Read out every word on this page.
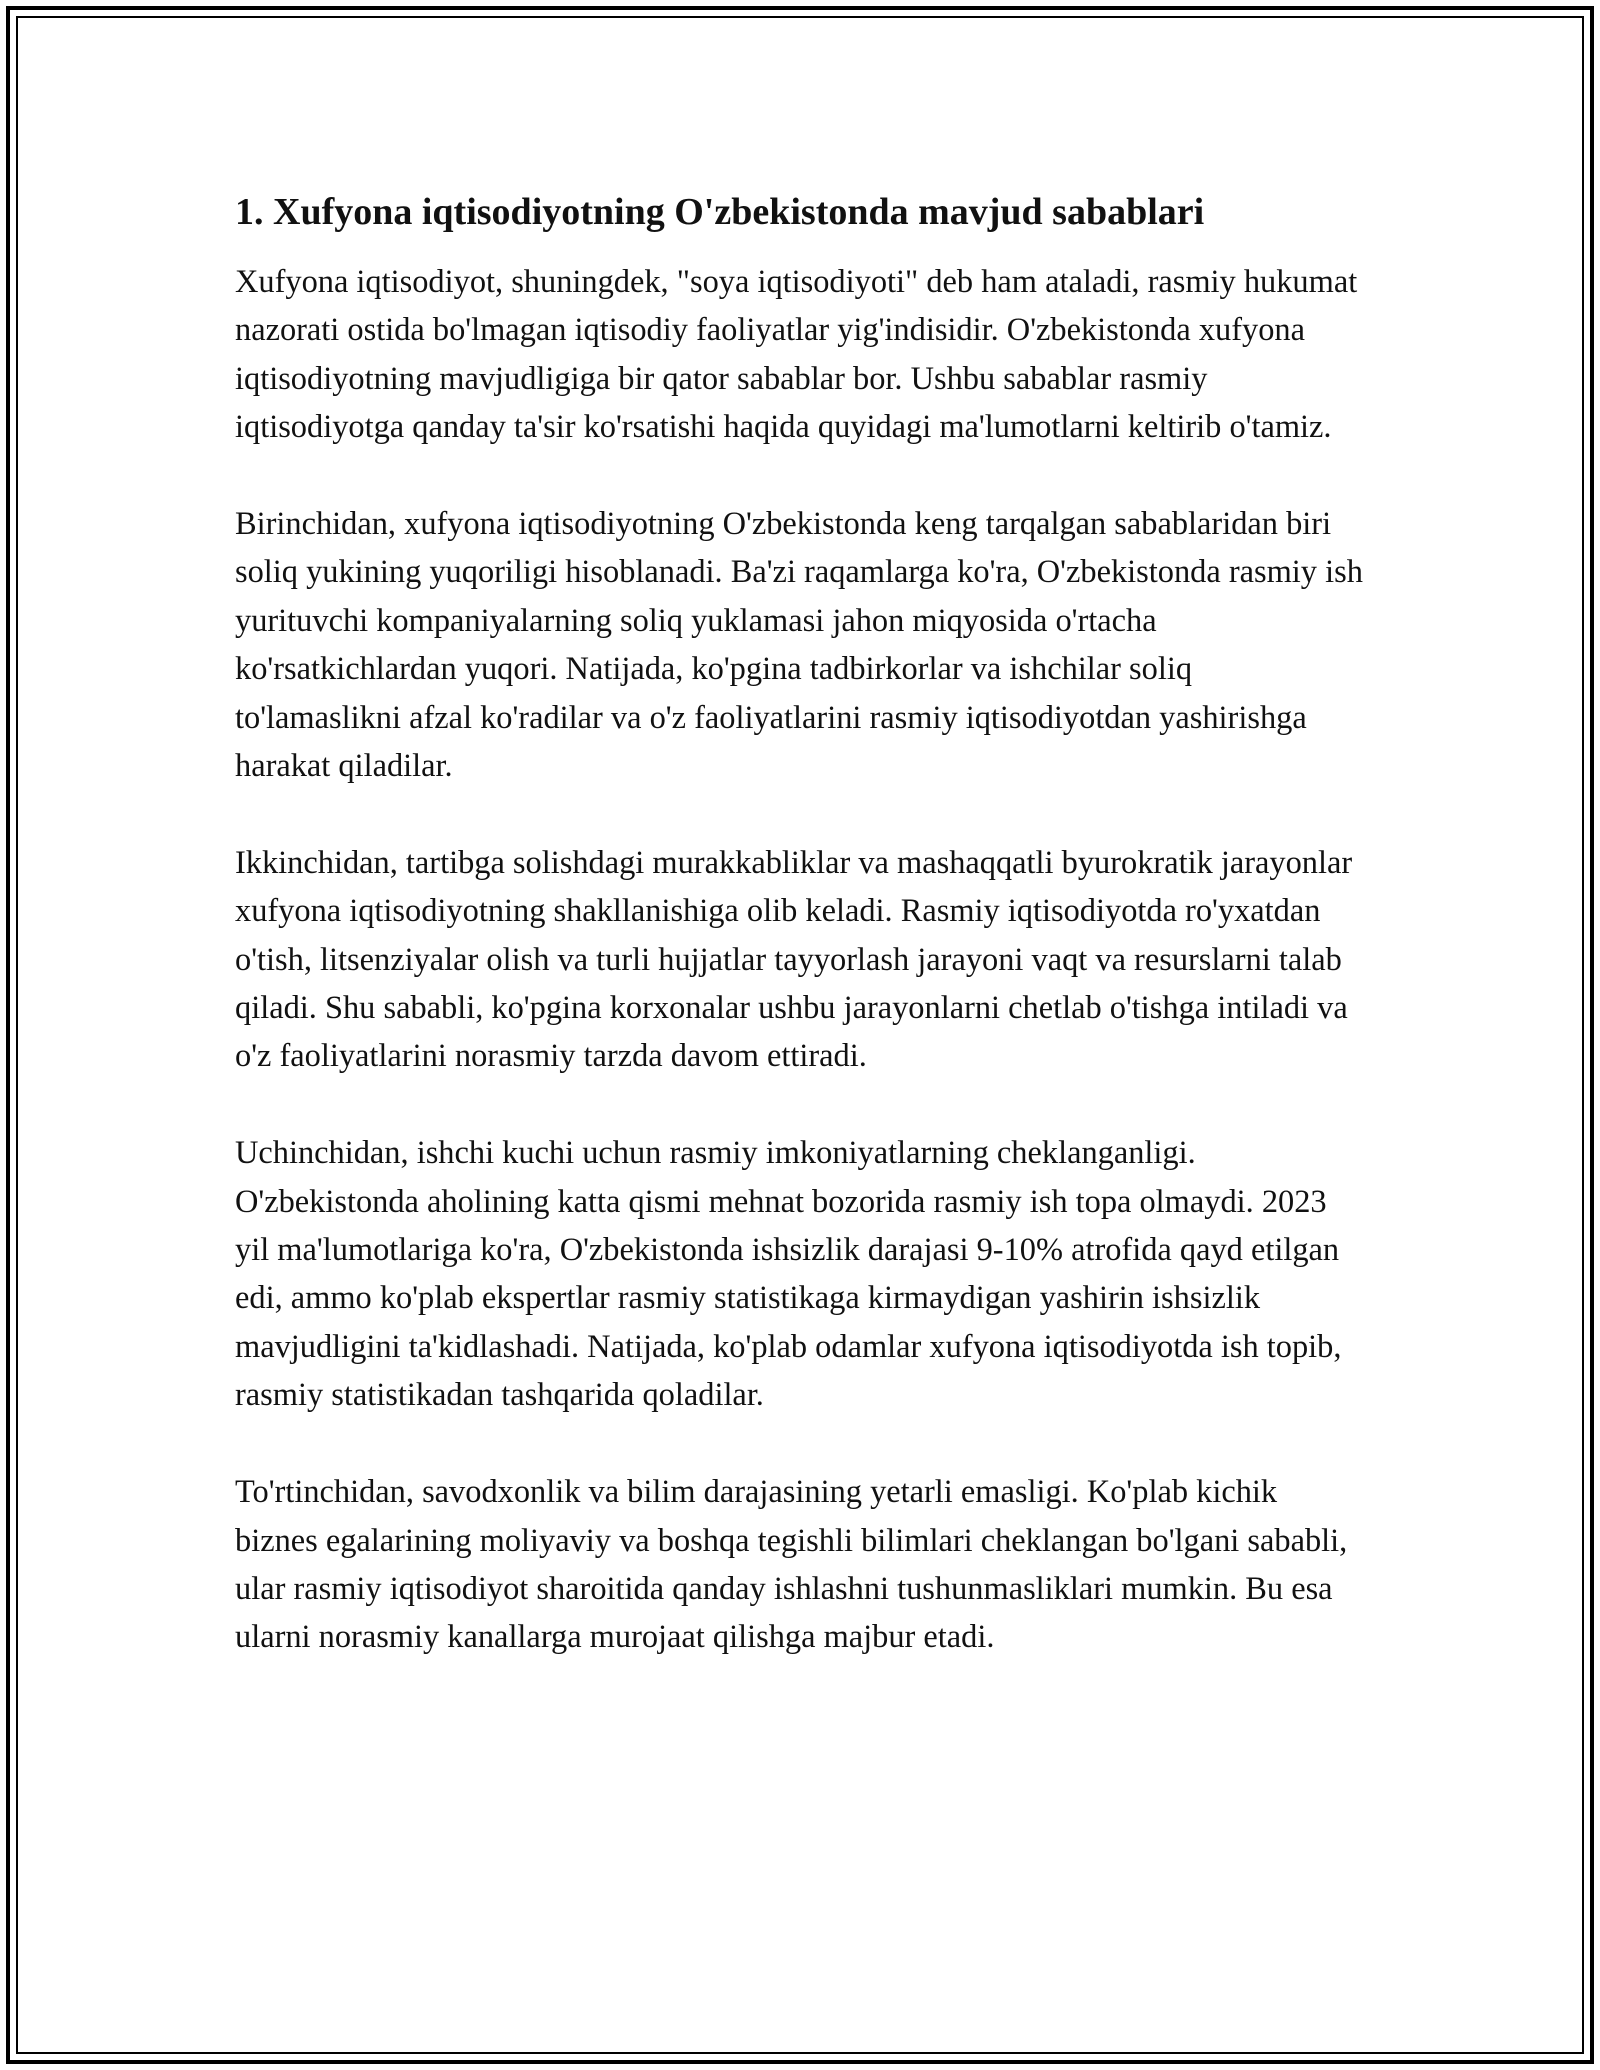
1. Xufyona iqtisodiyotning O'zbekistonda mavjud sabablari

Xufyona iqtisodiyot, shuningdek, "soya iqtisodiyoti" deb ham ataladi, rasmiy hukumat nazorati ostida bo'lmagan iqtisodiy faoliyatlar yig'indisidir. O'zbekistonda xufyona iqtisodiyotning mavjudligiga bir qator sabablar bor. Ushbu sabablar rasmiy iqtisodiyotga qanday ta'sir ko'rsatishi haqida quyidagi ma'lumotlarni keltirib o'tamiz.

Birinchidan, xufyona iqtisodiyotning O'zbekistonda keng tarqalgan sabablaridan biri soliq yukining yuqoriligi hisoblanadi. Ba'zi raqamlarga ko'ra, O'zbekistonda rasmiy ish yurituvchi kompaniyalarning soliq yuklamasi jahon miqyosida o'rtacha ko'rsatkichlardan yuqori. Natijada, ko'pgina tadbirkorlar va ishchilar soliq to'lamaslikni afzal ko'radilar va o'z faoliyatlarini rasmiy iqtisodiyotdan yashirishga harakat qiladilar.

Ikkinchidan, tartibga solishdagi murakkabliklar va mashaqqatli byurokratik jarayonlar xufyona iqtisodiyotning shakllanishiga olib keladi. Rasmiy iqtisodiyotda ro'yxatdan o'tish, litsenziyalar olish va turli hujjatlar tayyorlash jarayoni vaqt va resurslarni talab qiladi. Shu sababli, ko'pgina korxonalar ushbu jarayonlarni chetlab o'tishga intiladi va o'z faoliyatlarini norasmiy tarzda davom ettiradi.

Uchinchidan, ishchi kuchi uchun rasmiy imkoniyatlarning cheklanganligi. O'zbekistonda aholining katta qismi mehnat bozorida rasmiy ish topa olmaydi. 2023 yil ma'lumotlariga ko'ra, O'zbekistonda ishsizlik darajasi 9-10% atrofida qayd etilgan edi, ammo ko'plab ekspertlar rasmiy statistikaga kirmaydigan yashirin ishsizlik mavjudligini ta'kidlashadi. Natijada, ko'plab odamlar xufyona iqtisodiyotda ish topib, rasmiy statistikadan tashqarida qoladilar.

To'rtinchidan, savodxonlik va bilim darajasining yetarli emasligi. Ko'plab kichik biznes egalarining moliyaviy va boshqa tegishli bilimlari cheklangan bo'lgani sababli, ular rasmiy iqtisodiyot sharoitida qanday ishlashni tushunmasliklari mumkin. Bu esa ularni norasmiy kanallarga murojaat qilishga majbur etadi.
